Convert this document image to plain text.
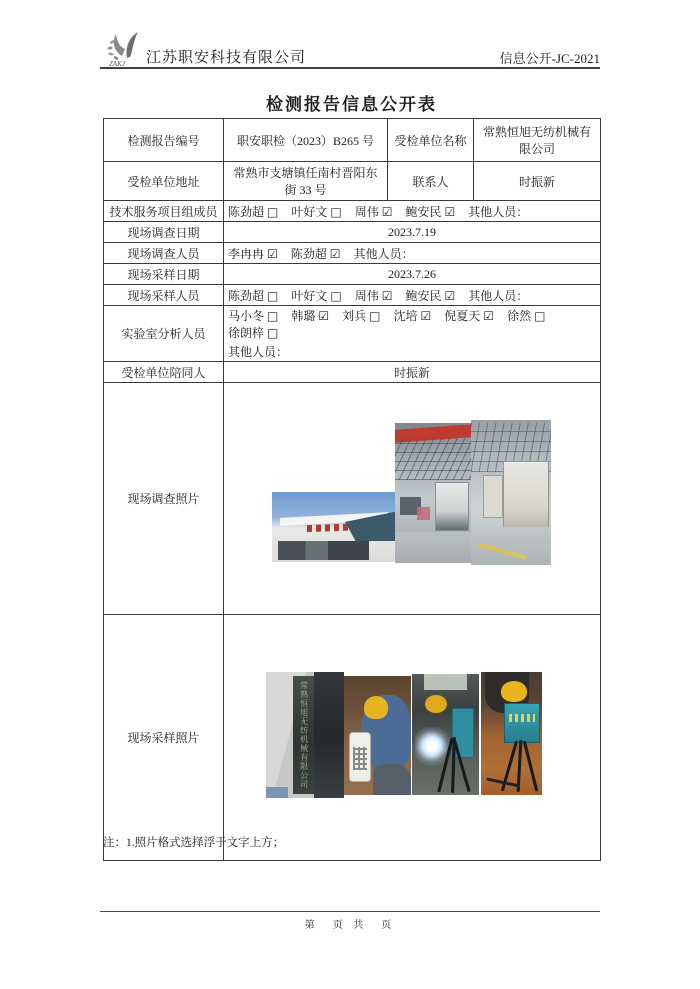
ZAKJ 江苏职安科技有限公司	信息公开-JC-2021
检测报告信息公开表
检测报告编号	职安职检（2023）B265 号	受检单位名称	常熟恒旭无纺机械有限公司
受检单位地址	常熟市支塘镇任南村晋阳东街 33 号	联系人	时振新
技术服务项目组成员	陈劲超 □ 叶好文 □ 周伟 ☑ 鲍安民 ☑ 其他人员：		
现场调查日期	2023.7.19		
现场调查人员	李冉冉 ☑ 陈劲超 ☑ 其他人员：		
现场采样日期	2023.7.26		
现场采样人员	陈劲超 □ 叶好文 □ 周伟 ☑ 鲍安民 ☑ 其他人员：		
实验室分析人员	马小冬 □ 韩璐 ☑ 刘兵 □ 沈培 ☑ 倪夏天 ☑ 徐然 □ 徐朗梓 □
其他人员：		

受检单位陪同人	时振新		
现场调查照片			

现场采样照片	常熟恒旭无纺机械有限公司		
注：1.照片格式选择浮于文字上方；
第　页 共　页
